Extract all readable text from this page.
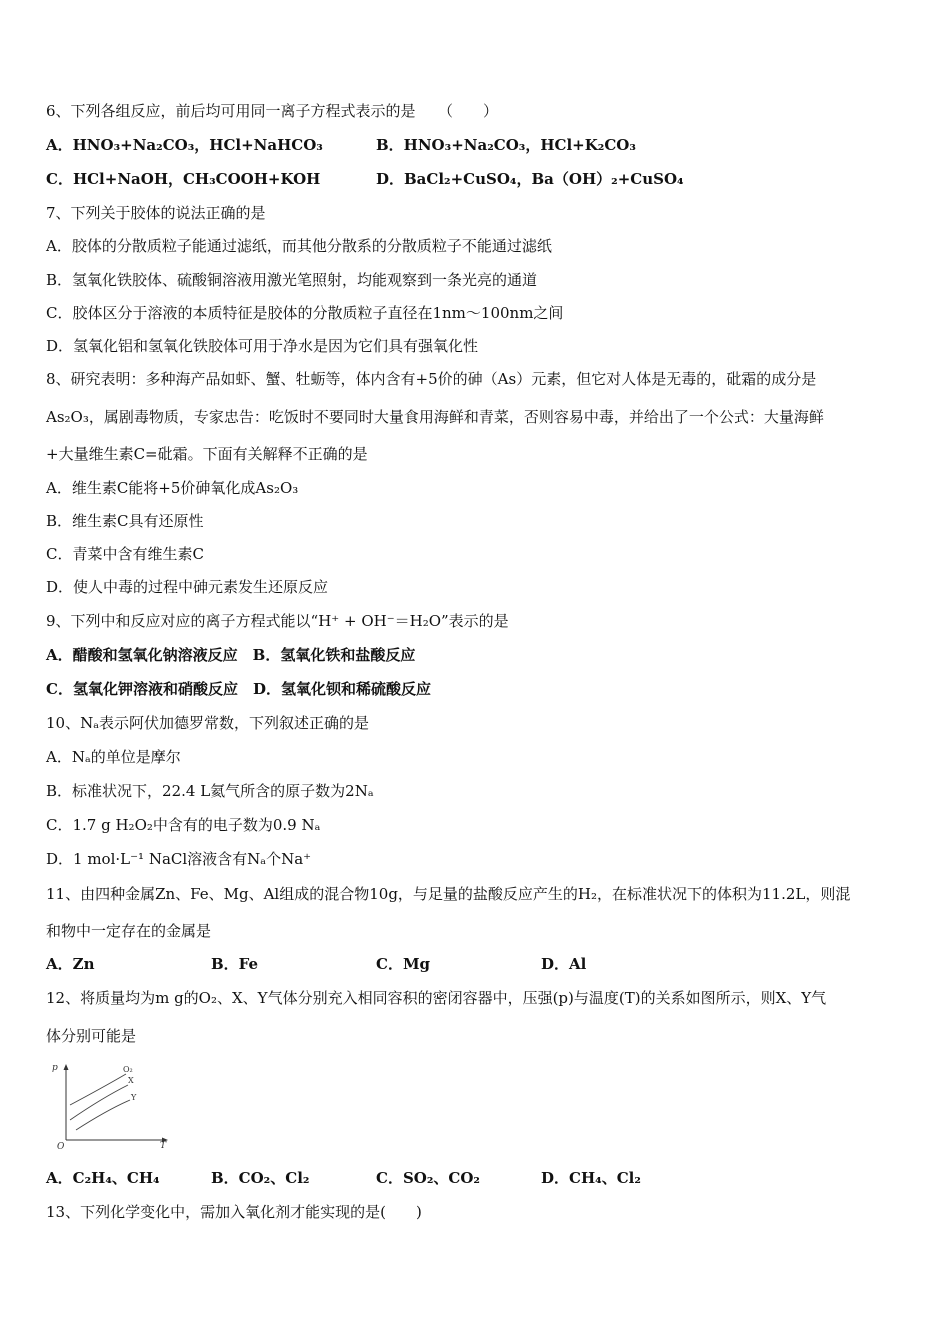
6、下列各组反应，前后均可用同一离子方程式表示的是　　（　　）
A．HNO₃+Na₂CO₃，HCl+NaHCO₃	B．HNO₃+Na₂CO₃，HCl+K₂CO₃
C．HCl+NaOH，CH₃COOH+KOH	D．BaCl₂+CuSO₄，Ba（OH）₂+CuSO₄
7、下列关于胶体的说法正确的是
A．胶体的分散质粒子能通过滤纸，而其他分散系的分散质粒子不能通过滤纸
B．氢氧化铁胶体、硫酸铜溶液用激光笔照射，均能观察到一条光亮的通道
C．胶体区分于溶液的本质特征是胶体的分散质粒子直径在1nm～100nm之间
D．氢氧化铝和氢氧化铁胶体可用于净水是因为它们具有强氧化性
8、研究表明：多种海产品如虾、蟹、牡蛎等，体内含有+5价的砷（As）元素，但它对人体是无毒的，砒霜的成分是
As₂O₃，属剧毒物质，专家忠告：吃饭时不要同时大量食用海鲜和青菜，否则容易中毒，并给出了一个公式：大量海鲜
+大量维生素C=砒霜。下面有关解释不正确的是
A．维生素C能将+5价砷氧化成As₂O₃
B．维生素C具有还原性
C．青菜中含有维生素C
D．使人中毒的过程中砷元素发生还原反应
9、下列中和反应对应的离子方程式能以“H⁺ + OH⁻＝H₂O”表示的是
A．醋酸和氢氧化钠溶液反应　B．氢氧化铁和盐酸反应
C．氢氧化钾溶液和硝酸反应　D．氢氧化钡和稀硫酸反应
10、Nₐ表示阿伏加德罗常数，下列叙述正确的是
A．Nₐ的单位是摩尔
B．标准状况下，22.4 L氦气所含的原子数为2Nₐ
C．1.7 g H₂O₂中含有的电子数为0.9 Nₐ
D．1 mol·L⁻¹ NaCl溶液含有Nₐ个Na⁺
11、由四种金属Zn、Fe、Mg、Al组成的混合物10g，与足量的盐酸反应产生的H₂，在标准状况下的体积为11.2L，则混
和物中一定存在的金属是
A．Zn	B．Fe	C．Mg	D．Al
12、将质量均为m g的O₂、X、Y气体分别充入相同容积的密闭容器中，压强(p)与温度(T)的关系如图所示，则X、Y气
体分别可能是
p
T
O
O₂
X
Y
A．C₂H₄、CH₄	B．CO₂、Cl₂	C．SO₂、CO₂	D．CH₄、Cl₂
13、下列化学变化中，需加入氧化剂才能实现的是(　　)
